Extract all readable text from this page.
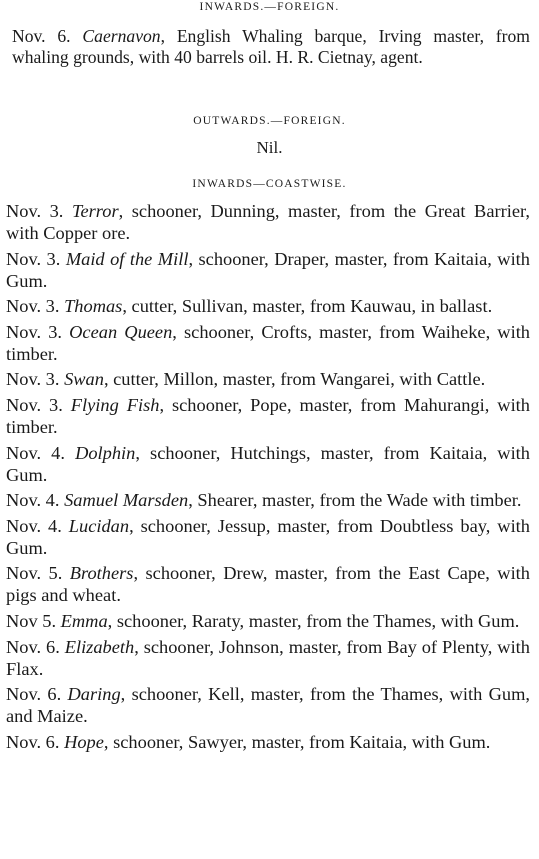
INWARDS.—FOREIGN.

Nov. 6. Caernavon, English Whaling barque, Irving master, from whaling grounds, with 40 barrels oil. H. R. Cietnay, agent.

OUTWARDS.—FOREIGN.

Nil.

INWARDS—COASTWISE.

Nov. 3. Terror, schooner, Dunning, master, from the Great Barrier, with Copper ore.

Nov. 3. Maid of the Mill, schooner, Draper, master, from Kaitaia, with Gum.

Nov. 3. Thomas, cutter, Sullivan, master, from Kauwau, in ballast.

Nov. 3. Ocean Queen, schooner, Crofts, master, from Waiheke, with timber.

Nov. 3. Swan, cutter, Millon, master, from Wangarei, with Cattle.

Nov. 3. Flying Fish, schooner, Pope, master, from Mahurangi, with timber.

Nov. 4. Dolphin, schooner, Hutchings, master, from Kaitaia, with Gum.

Nov. 4. Samuel Marsden, Shearer, master, from the Wade with timber.

Nov. 4. Lucidan, schooner, Jessup, master, from Doubtless bay, with Gum.

Nov. 5. Brothers, schooner, Drew, master, from the East Cape, with pigs and wheat.

Nov 5. Emma, schooner, Raraty, master, from the Thames, with Gum.

Nov. 6. Elizabeth, schooner, Johnson, master, from Bay of Plenty, with Flax.

Nov. 6. Daring, schooner, Kell, master, from the Thames, with Gum, and Maize.

Nov. 6. Hope, schooner, Sawyer, master, from Kaitaia, with Gum.
